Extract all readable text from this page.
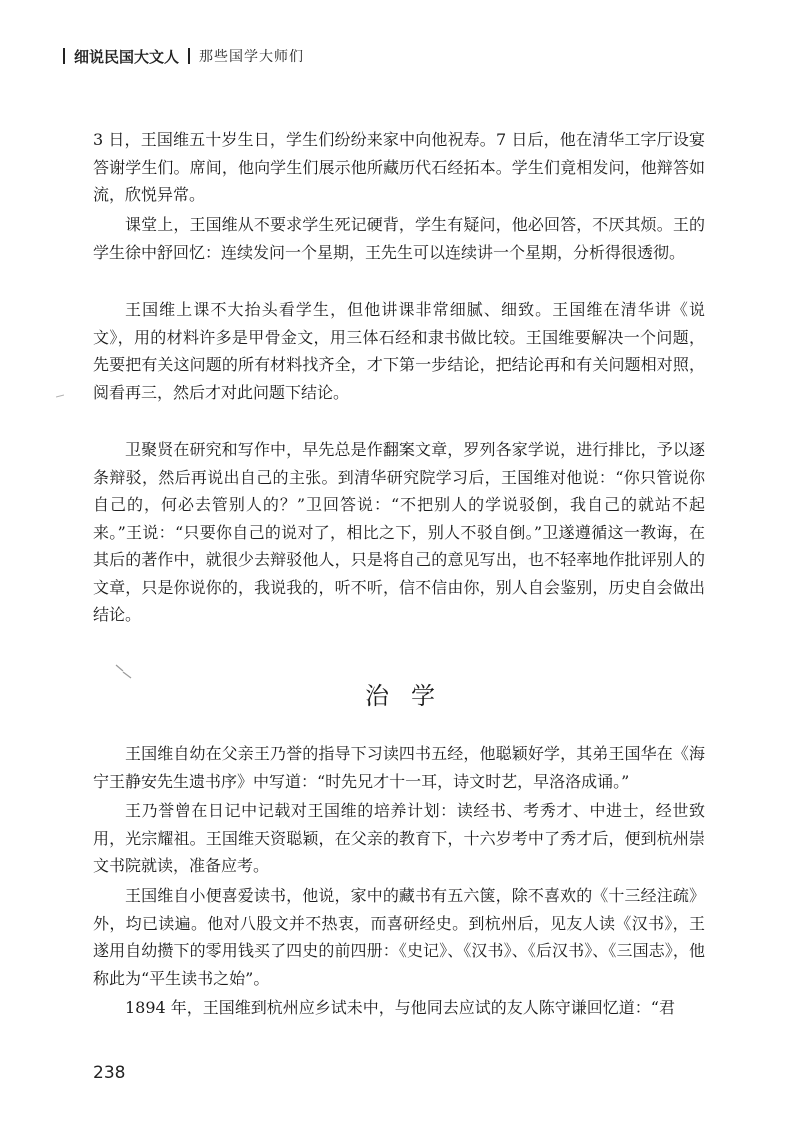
细说民国大文人 那些国学大师们

3 日，王国维五十岁生日，学生们纷纷来家中向他祝寿。7 日后，他在清华工字厅设宴答谢学生们。席间，他向学生们展示他所藏历代石经拓本。学生们竟相发问，他辩答如流，欣悦异常。

课堂上，王国维从不要求学生死记硬背，学生有疑问，他必回答，不厌其烦。王的学生徐中舒回忆：连续发问一个星期，王先生可以连续讲一个星期，分析得很透彻。

王国维上课不大抬头看学生，但他讲课非常细腻、细致。王国维在清华讲《说文》，用的材料许多是甲骨金文，用三体石经和隶书做比较。王国维要解决一个问题，先要把有关这问题的所有材料找齐全，才下第一步结论，把结论再和有关问题相对照，阅看再三，然后才对此问题下结论。

卫聚贤在研究和写作中，早先总是作翻案文章，罗列各家学说，进行排比，予以逐条辩驳，然后再说出自己的主张。到清华研究院学习后，王国维对他说：“你只管说你自己的，何必去管别人的？”卫回答说：“不把别人的学说驳倒，我自己的就站不起来。”王说：“只要你自己的说对了，相比之下，别人不驳自倒。”卫遂遵循这一教诲，在其后的著作中，就很少去辩驳他人，只是将自己的意见写出，也不轻率地作批评别人的文章，只是你说你的，我说我的，听不听，信不信由你，别人自会鉴别，历史自会做出结论。

治学

王国维自幼在父亲王乃誉的指导下习读四书五经，他聪颖好学，其弟王国华在《海宁王静安先生遗书序》中写道：“时先兄才十一耳，诗文时艺，早洛洛成诵。”

王乃誉曾在日记中记载对王国维的培养计划：读经书、考秀才、中进士，经世致用，光宗耀祖。王国维天资聪颖，在父亲的教育下，十六岁考中了秀才后，便到杭州崇文书院就读，准备应考。

王国维自小便喜爱读书，他说，家中的藏书有五六箧，除不喜欢的《十三经注疏》外，均已读遍。他对八股文并不热衷，而喜研经史。到杭州后，见友人读《汉书》，王遂用自幼攒下的零用钱买了四史的前四册：《史记》、《汉书》、《后汉书》、《三国志》，他称此为“平生读书之始”。

1894 年，王国维到杭州应乡试未中，与他同去应试的友人陈守谦回忆道：“君

238
